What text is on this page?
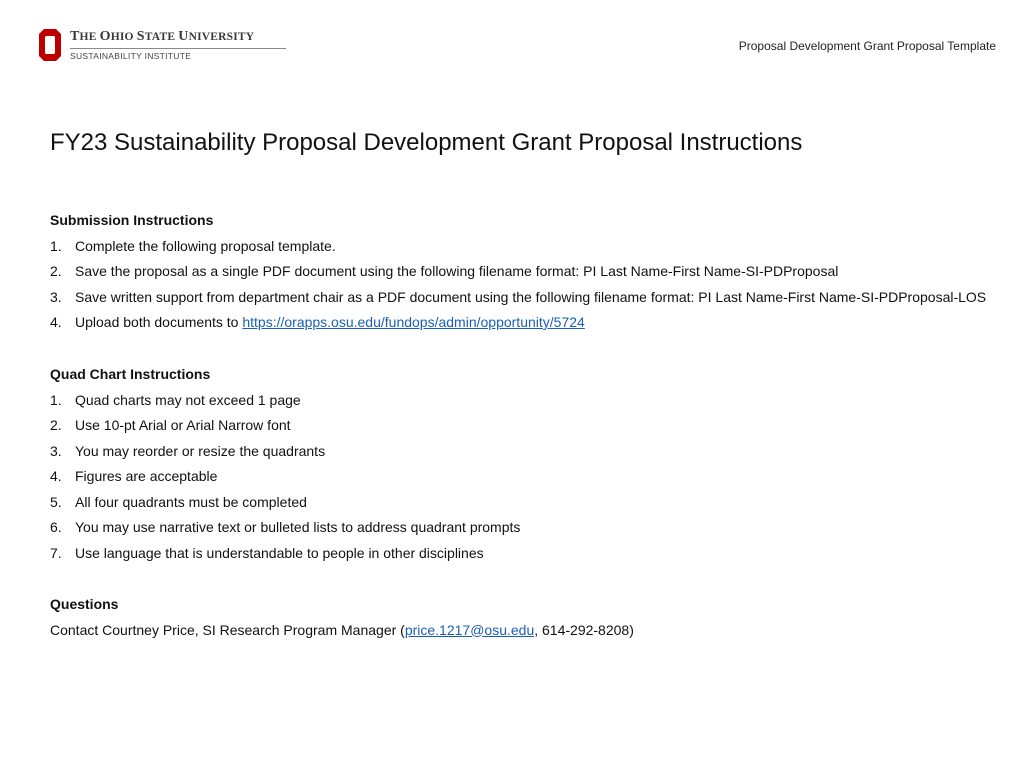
THE OHIO STATE UNIVERSITY
SUSTAINABILITY INSTITUTE
Proposal Development Grant Proposal Template
FY23 Sustainability Proposal Development Grant Proposal Instructions
Submission Instructions
1. Complete the following proposal template.
2. Save the proposal as a single PDF document using the following filename format: PI Last Name-First Name-SI-PDProposal
3. Save written support from department chair as a PDF document using the following filename format: PI Last Name-First Name-SI-PDProposal-LOS
4. Upload both documents to https://orapps.osu.edu/fundops/admin/opportunity/5724
Quad Chart Instructions
1. Quad charts may not exceed 1 page
2. Use 10-pt Arial or Arial Narrow font
3. You may reorder or resize the quadrants
4. Figures are acceptable
5. All four quadrants must be completed
6. You may use narrative text or bulleted lists to address quadrant prompts
7. Use language that is understandable to people in other disciplines
Questions

Contact Courtney Price, SI Research Program Manager (price.1217@osu.edu, 614-292-8208)
